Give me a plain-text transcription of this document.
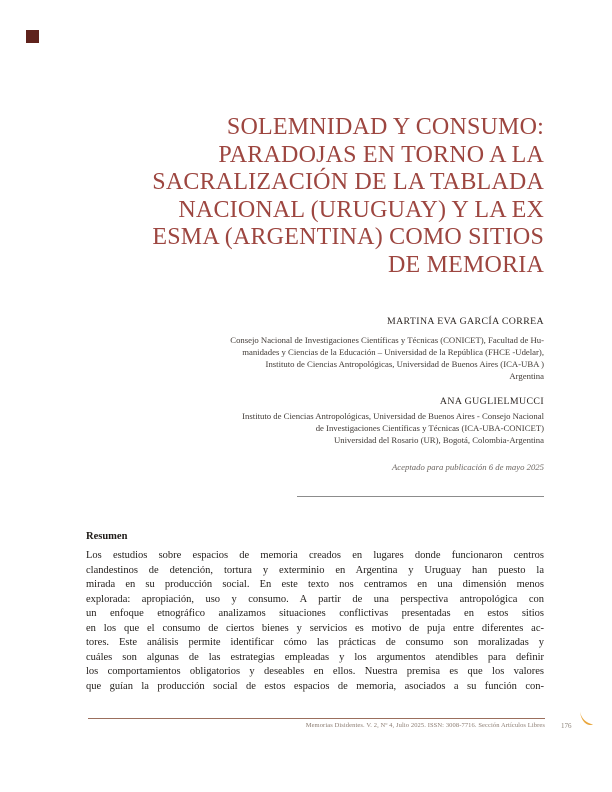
SOLEMNIDAD Y CONSUMO:
PARADOJAS EN TORNO A LA
SACRALIZACIÓN DE LA TABLADA
NACIONAL (URUGUAY) Y LA EX
ESMA (ARGENTINA) COMO SITIOS
DE MEMORIA
MARTINA EVA GARCÍA CORREA
Consejo Nacional de Investigaciones Científicas y Técnicas (CONICET), Facultad de Hu-
manidades y Ciencias de la Educación – Universidad de la República (FHCE -Udelar),
Instituto de Ciencias Antropológicas, Universidad de Buenos Aires (ICA-UBA )
Argentina
ANA GUGLIELMUCCI
Instituto de Ciencias Antropológicas, Universidad de Buenos Aires - Consejo Nacional
de Investigaciones Científicas y Técnicas (ICA-UBA-CONICET)
Universidad del Rosario (UR), Bogotá, Colombia-Argentina
Aceptado para publicación 6 de mayo 2025
Resumen
Los estudios sobre espacios de memoria creados en lugares donde funcionaron centros
clandestinos de detención, tortura y exterminio en Argentina y Uruguay han puesto la
mirada en su producción social. En este texto nos centramos en una dimensión menos
explorada: apropiación, uso y consumo. A partir de una perspectiva antropológica con
un enfoque etnográfico analizamos situaciones conflictivas presentadas en estos sitios
en los que el consumo de ciertos bienes y servicios es motivo de puja entre diferentes ac-
tores. Este análisis permite identificar cómo las prácticas de consumo son moralizadas y
cuáles son algunas de las estrategias empleadas y los argumentos atendibles para definir
los comportamientos obligatorios y deseables en ellos. Nuestra premisa es que los valores
que guían la producción social de estos espacios de memoria, asociados a su función con-
Memorias Disidentes. V. 2, Nº 4, Julio 2025. ISSN: 3008-7716. Sección Artículos Libres 176
